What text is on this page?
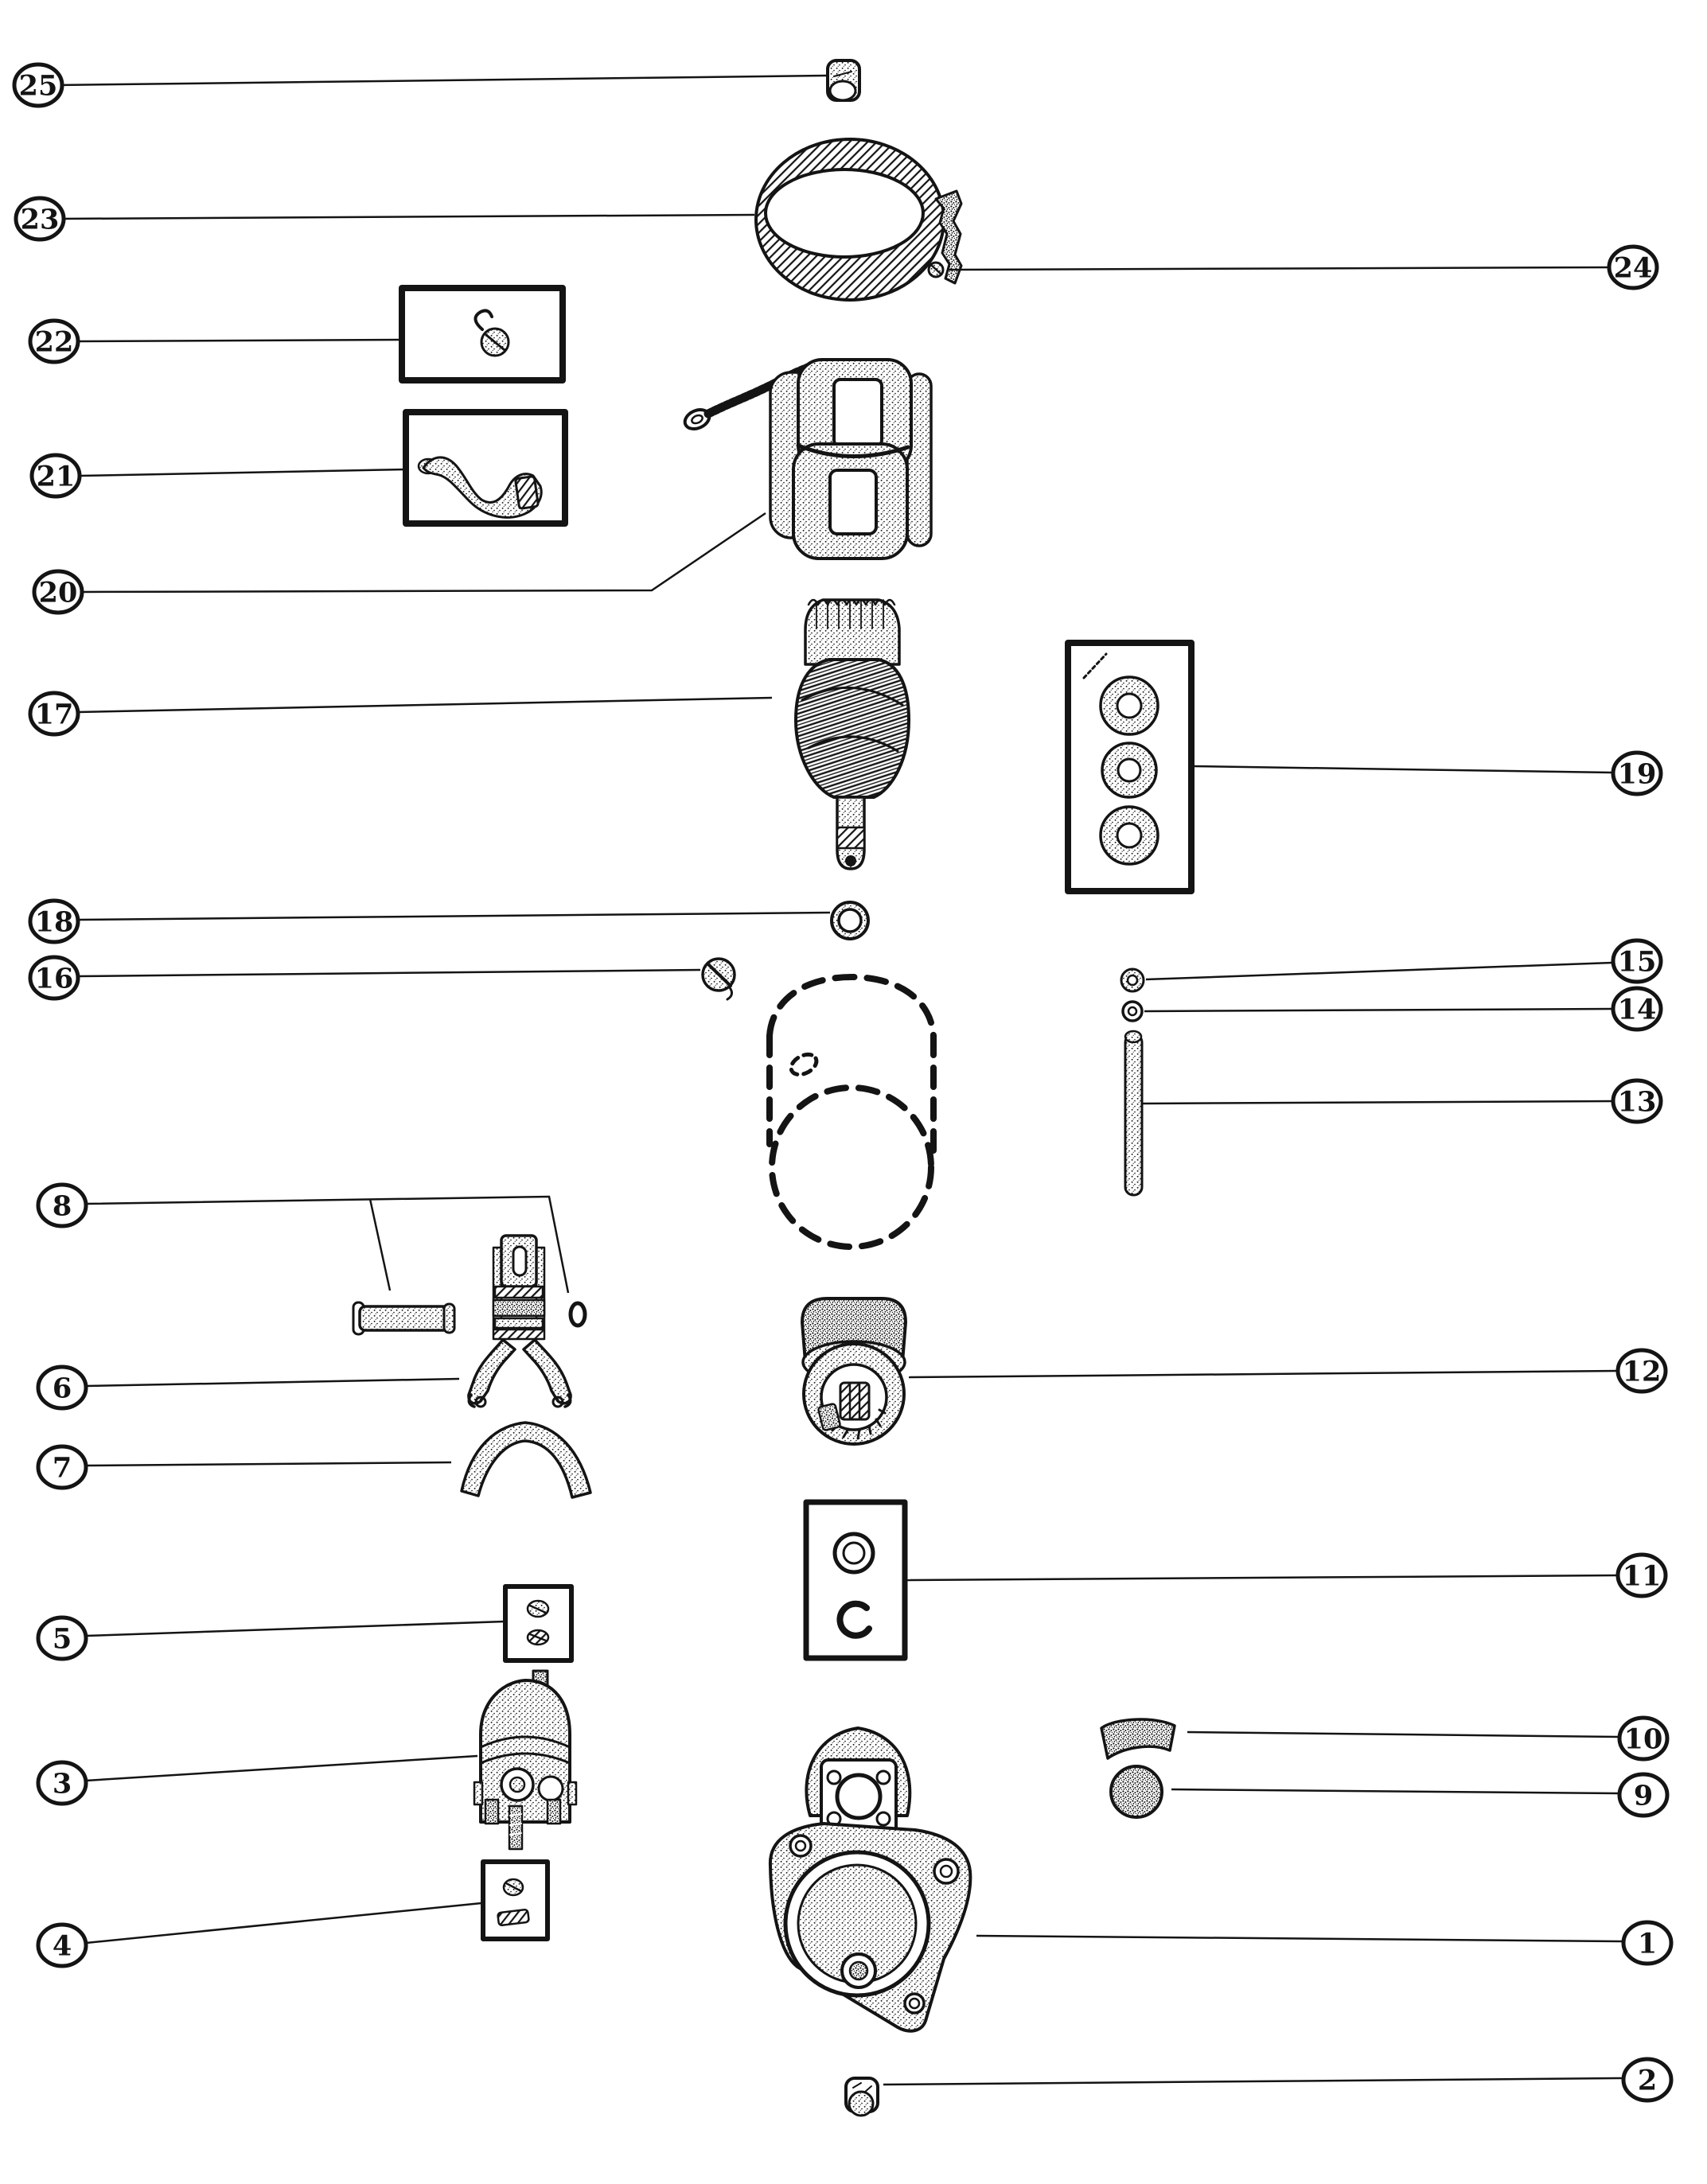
25
23
22
21
20
17
18
16
8
6
7
5
3
4
24
19
15
14
13
12
11
10
9
1
2
